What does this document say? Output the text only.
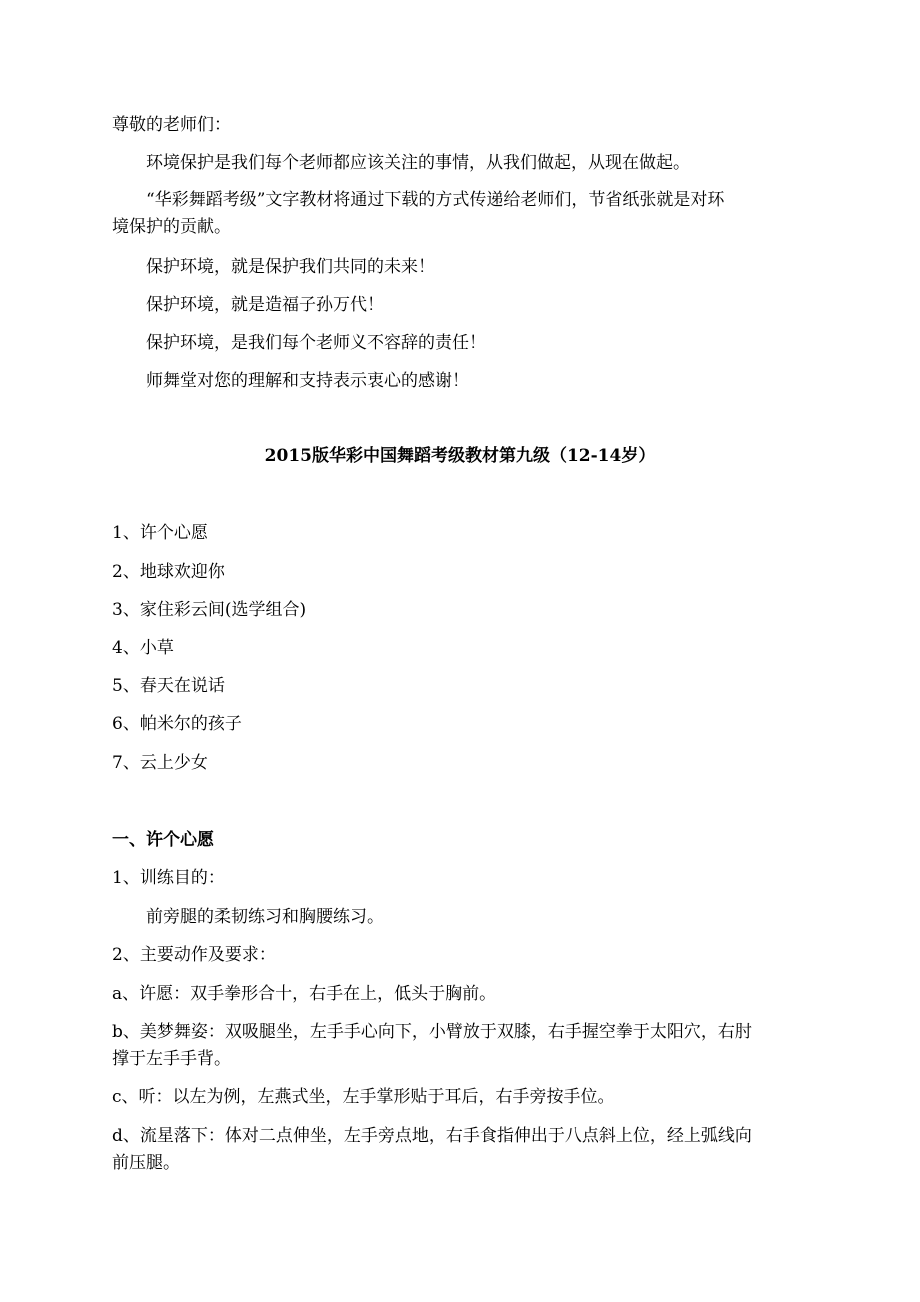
尊敬的老师们：
环境保护是我们每个老师都应该关注的事情，从我们做起，从现在做起。
“华彩舞蹈考级”文字教材将通过下载的方式传递给老师们，节省纸张就是对环
境保护的贡献。
保护环境，就是保护我们共同的未来！
保护环境，就是造福子孙万代！
保护环境，是我们每个老师义不容辞的责任！
师舞堂对您的理解和支持表示衷心的感谢！
2015版华彩中国舞蹈考级教材第九级（12-14岁）
1、许个心愿
2、地球欢迎你
3、家住彩云间(选学组合)
4、小草
5、春天在说话
6、帕米尔的孩子
7、云上少女
一、许个心愿
1、训练目的：
前旁腿的柔韧练习和胸腰练习。
2、主要动作及要求：
a、许愿：双手拳形合十，右手在上，低头于胸前。
b、美梦舞姿：双吸腿坐，左手手心向下，小臂放于双膝，右手握空拳于太阳穴，右肘
撑于左手手背。
c、听：以左为例，左燕式坐，左手掌形贴于耳后，右手旁按手位。
d、流星落下：体对二点伸坐，左手旁点地，右手食指伸出于八点斜上位，经上弧线向
前压腿。
